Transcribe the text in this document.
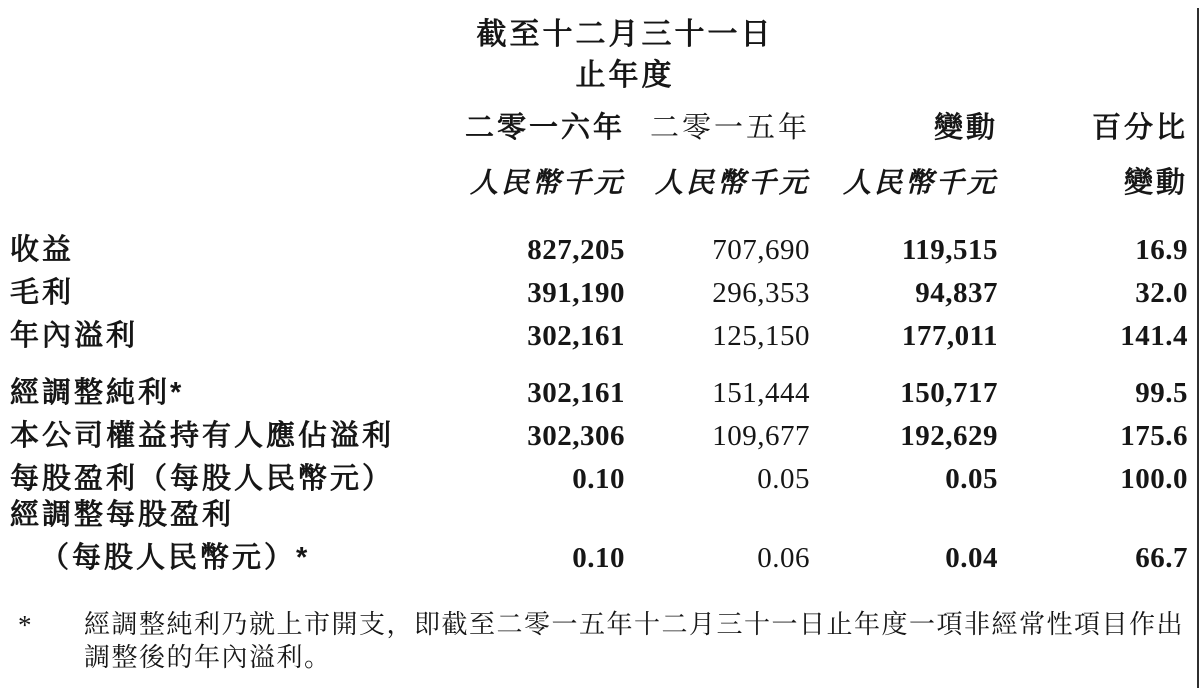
	截至十二月三十一日
止年度			

	二零一六年	二零一五年	變動	百分比
	人民幣千元	人民幣千元	人民幣千元	變動
收益	827,205	707,690	119,515	16.9
毛利	391,190	296,353	94,837	32.0
年內溢利	302,161	125,150	177,011	141.4
經調整純利*	302,161	151,444	150,717	99.5
本公司權益持有人應佔溢利	302,306	109,677	192,629	175.6
每股盈利（每股人民幣元）	0.10	0.05	0.05	100.0
經調整每股盈利				
（每股人民幣元）*	0.10	0.06	0.04	66.7
*	經調整純利乃就上市開支，即截至二零一五年十二月三十一日止年度一項非經常性項目作出調整後的年內溢利。
